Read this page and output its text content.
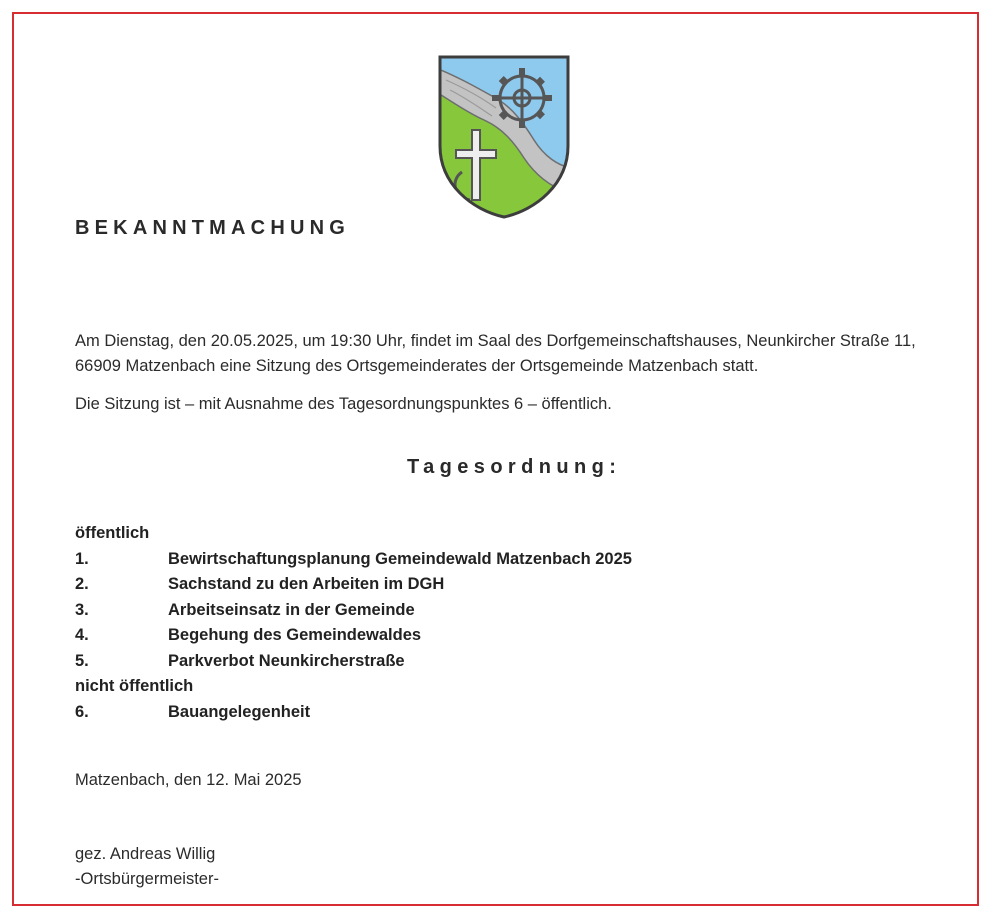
BEKANNTMACHUNG
Am Dienstag, den 20.05.2025, um 19:30 Uhr, findet im Saal des Dorfgemeinschaftshauses, Neunkircher Straße 11, 66909 Matzenbach eine Sitzung des Ortsgemeinderates der Ortsgemeinde Matzenbach statt.
Die Sitzung ist – mit Ausnahme des Tagesordnungspunktes 6 – öffentlich.
Tagesordnung:
öffentlich
1.	Bewirtschaftungsplanung Gemeindewald Matzenbach 2025
2.	Sachstand zu den Arbeiten im DGH
3.	Arbeitseinsatz in der Gemeinde
4.	Begehung des Gemeindewaldes
5.	Parkverbot Neunkircherstraße
nicht öffentlich
6.	Bauangelegenheit
Matzenbach, den 12. Mai 2025
gez. Andreas Willig
-Ortsbürgermeister-
